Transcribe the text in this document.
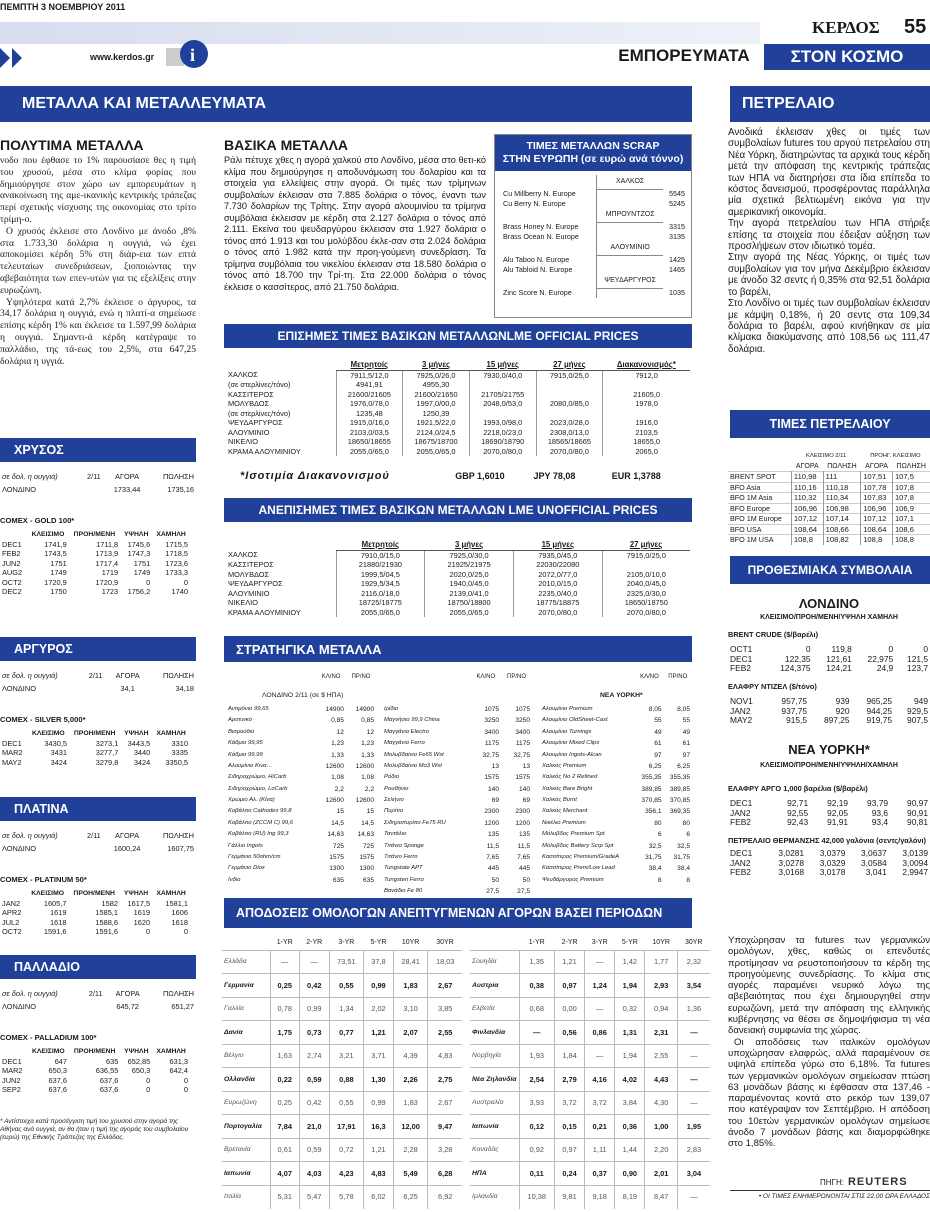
ΠΕΜΠΤΗ 3 ΝΟΕΜΒΡΙΟΥ 2011
www.kerdos.gr i
ΚΕΡΔΟΣ 55
ΕΜΠΟΡΕΥΜΑΤΑ	ΣΤΟΝ ΚΟΣΜΟ
ΜΕΤΑΛΛΑ ΚΑΙ ΜΕΤΑΛΛΕΥΜΑΤΑ
ΠΟΛΥΤΙΜΑ ΜΕΤΑΛΛΑ

νοδο που έφθασε το 1% παρουσίασε θες η τιμή του χρυσού, μέσα στο κλίμα φορίας που δημιούργησε στον χώρο ων εμπορευμάτων η ανακοίνωση της αμε-ικανικής κεντρικής τράπεζας περί σχετικής νίσχυσης της οικονομίας στο τρίτο τρίμη-ο.

Ο χρυσός έκλεισε στο Λονδίνο με άνοδο ,8% στα 1.733,30 δολάρια η ουγγιά, νώ έχει αποκομίσει κέρδη 5% στη διάρ-εια των επτά τελευταίων συνεδριάσεων, ξιοποιώντας την αβεβαιότητα των επεν-υτών για τις εξελίξεις στην ευρωζώνη.

Υψηλότερα κατά 2,7% έκλεισε ο άργυρος, τα 34,17 δολάρια η ουγγιά, ενώ η πλατί-α σημείωσε επίσης κέρδη 1% και έκλεισε τα 1.597,99 δολάρια η ουγγιά. Σημαντι-ά κέρδη κατέγραψε το παλλάδιο, της τά-εως του 2,5%, στα 647,25 δολάρια η υγγιά.

ΧΡΥΣΟΣ
σε δολ. η ουγγιά)	2/11	ΑΓΟΡΑ	ΠΩΛΗΣΗ
ΛΟΝΔΙΝΟ		1733,44	1735,16
COMEX - GOLD 100*
	ΚΛΕΙΣΙΜΟ	ΠΡΟΗ/ΜΕΝΗ	ΥΨΗΛΗ	ΧΑΜΗΛΗ
DEC1	1741,9	1711,8	1745,6	1715,5
FEB2	1743,5	1713,9	1747,3	1718,5
JUN2	1751	1717,4	1751	1723,6
AUG2	1749	1719	1749	1733,3
OCT2	1720,9	1720,9	0	0
DEC2	1750	1723	1756,2	1740
ΑΡΓΥΡΟΣ
σε δολ. η ουγγιά)	2/11	ΑΓΟΡΑ	ΠΩΛΗΣΗ
ΛΟΝΔΙΝΟ		34,1	34,18
COMEX - SILVER 5,000*
	ΚΛΕΙΣΙΜΟ	ΠΡΟΗ/ΜΕΝΗ	ΥΨΗΛΗ	ΧΑΜΗΛΗ
DEC1	3430,5	3273,1	3443,5	3310
MAR2	3431	3277,7	3440	3335
MAY2	3424	3279,8	3424	3350,5
ΠΛΑΤΙΝΑ
σε δολ. η ουγγιά)	2/11	ΑΓΟΡΑ	ΠΩΛΗΣΗ
ΛΟΝΔΙΝΟ		1600,24	1607,75
COMEX - PLATINUM 50*
	ΚΛΕΙΣΙΜΟ	ΠΡΟΗ/ΜΕΝΗ	ΥΨΗΛΗ	ΧΑΜΗΛΗ
JAN2	1605,7	1582	1617,5	1581,1
APR2	1619	1585,1	1619	1606
JUL2	1618	1588,6	1620	1618
OCT2	1591,6	1591,6	0	0
ΠΑΛΛΑΔΙΟ
σε δολ. η ουγγιά)	2/11	ΑΓΟΡΑ	ΠΩΛΗΣΗ
ΛΟΝΔΙΝΟ		645,72	651,27
COMEX - PALLADIUM 100*
	ΚΛΕΙΣΙΜΟ	ΠΡΟΗ/ΜΕΝΗ	ΥΨΗΛΗ	ΧΑΜΗΛΗ
DEC1	647	635	652,85	631,3
MAR2	650,3	636,55	650,3	642,4
JUN2	637,6	637,6	0	0
SEP2	637,6	637,6	0	0
* Αντίστοιχα κατά προσέγγιση τιμή του χρυσού στην αγορά της Αθήνας ανά ουγγιά, αν θα ήταν η τιμή της αγοράς του συμβολαίου (ευρώ) της Εθνικής Τράπεζας της Ελλάδος.
ΒΑΣΙΚΑ ΜΕΤΑΛΛΑ
Ράλι πέτυχε χθες η αγορά χαλκού στο Λονδίνο, μέσα στο θετι-κό κλίμα που δημιούργησε η αποδυνάμωση του δολαρίου και τα στοιχεία για ελλείψεις στην αγορά. Οι τιμές των τρίμηνων συμβολαίων έκλεισαν στα 7.885 δολάρια ο τόνος, έναντι των 7.730 δολαρίων της Τρίτης. Στην αγορά αλουμινίου τα τρίμηνα συμβόλαια έκλεισαν με κέρδη στα 2.127 δολάρια ο τόνος από 2.111. Εκείνα του ψευδαργύρου έκλεισαν στα 1.927 δολάρια ο τόνος από 1.913 και του μολύβδου έκλε-σαν στα 2.024 δολάρια ο τόνος από 1.982 κατά την προη-γούμενη συνεδρίαση. Τα τρίμηνα συμβόλαια του νικελίου έκλεισαν στα 18.580 δολάρια ο τόνος από 18.700 την Τρί-τη. Στα 22.000 δολάρια ο τόνος έκλεισε ο κασσίτερος, από 21.750 δολάρια.
ΤΙΜΕΣ ΜΕΤΑΛΛΩΝ SCRAP
ΣΤΗΝ ΕΥΡΩΠΗ (σε ευρώ ανά τόννο)
	ΧΑΛΚΟΣ	
Cu Millberry N. Europe		5545
Cu Berry N. Europe		5245
	ΜΠΡΟΥΝΤΖΟΣ	
Brass Honey N. Europe		3315
Brass Ocean N. Europe		3135
	ΑΛΟΥΜΙΝΙΟ	
Alu Taboo N. Europe		1425
Alu Tabloid N. Europe		1465
	ΨΕΥΔΑΡΓΥΡΟΣ	
Zinc Score N. Europe		1035
ΕΠΙΣΗΜΕΣ ΤΙΜΕΣ ΒΑΣΙΚΩΝ ΜΕΤΑΛΛΩΝLME OFFICIAL PRICES
	Μετρητοίς	3 μήνες	15 μήνες	27 μήνες	Διακανονισμός*
ΧΑΛΚΟΣ	7911,5/12,0	7925,0/26,0	7930,0/40,0	7915,0/25,0	7912,0
(σε στερλίνες/τόνο)	4941,91	4955,30			
ΚΑΣΣΙΤΕΡΟΣ	21600/21605	21600/21650	21705/21755		21605,0
ΜΟΛΥΒΔΟΣ	1976,0/78,0	1997,0/00,0	2048,0/53,0	2080,0/85,0	1978,0
(σε στερλίνες/τόνο)	1235,48	1250,39			
ΨΕΥΔΑΡΓΥΡΟΣ	1915,0/16,0	1921,5/22,0	1993,0/98,0	2023,0/28,0	1916,0
ΑΛΟΥΜΙΝΙΟ	2103,0/03,5	2124,0/24,5	2218,0/23,0	2308,0/13,0	2103,5
ΝΙΚΕΛΙΟ	18650/18655	18675/18700	18690/18790	18565/18665	18655,0
ΚΡΑΜΑ ΑΛΟΥΜΙΝΙΟΥ	2055,0/65,0	2055,0/65,0	2070,0/80,0	2070,0/80,0	2065,0
*Ισοτιμία Διακανονισμού	GBP 1,6010	JPY 78,08	EUR 1,3788
ΑΝΕΠΙΣΗΜΕΣ ΤΙΜΕΣ ΒΑΣΙΚΩΝ ΜΕΤΑΛΛΩΝ LME UNOFFICIAL PRICES
	Μετρητοίς	3 μήνες	15 μήνες	27 μήνες
ΧΑΛΚΟΣ	7910,0/15,0	7925,0/30,0	7935,0/45,0	7915,0/25,0
ΚΑΣΣΙΤΕΡΟΣ	21880/21930	21925/21975	22030/22080	
ΜΟΛΥΒΔΟΣ	1999,5/04,5	2020,0/25,0	2072,0/77,0	2105,0/10,0
ΨΕΥΔΑΡΓΥΡΟΣ	1929,5/34,5	1940,0/45,0	2010,0/15,0	2040,0/45,0
ΑΛΟΥΜΙΝΙΟ	2116,0/18,0	2139,0/41,0	2235,0/40,0	2325,0/30,0
ΝΙΚΕΛΙΟ	18725/18775	18750/18800	18775/18875	18650/18750
ΚΡΑΜΑ ΑΛΟΥΜΙΝΙΟΥ	2055,0/65,0	2055,0/65,0	2070,0/80,0	2070,0/80,0
ΣΤΡΑΤΗΓΙΚΑ ΜΕΤΑΛΛΑ
ΛΟΝΔΙΝΟ 2/11 (σε $ ΗΠΑ)	ΝΕΑ ΥΟΡΚΗ*
	ΚΛ/ΝΟ	ΠΡ/ΝΟ

Αντιμόνιο 99,65	14900	14900
Αρσενικό	0,85	0,85
Βισμούθιο	12	12
Κάδμιο 99,95	1,23	1,23
Κάδμιο 99,99	1,33	1,33
Αλουμίνιο Κινα…	12600	12600
Σιδηροχρώμιο, HiCarb	1,08	1,08
Σιδηροχρώμιο, LoCarb	2,2	2,2
Χρώμιο Αλ. (Κίνα)	12600	12600
Κοβάλτιο Cathodes 99,8	15	15
Κοβάλτιο (ZCCM C) 99,6	14,5	14,5
Κοβάλτιο (RU) Ing 99,3	14,63	14,63
Γάλλιο Ingots	725	725
Γερμάνιο 50ohm/cm	1575	1575
Γερμάνιο Diox	1300	1300
Ινδιο	635	635
	ΚΛ/ΝΟ	ΠΡ/ΝΟ

Ιρίδιο	1075	1075
Μαγνήσιο 99,9 China	3250	3250
Μαγγάνιο Electro	3400	3400
Μαγγάνιο Ferro	1175	1175
Μολυβδαίνιο Fe65 Wst	32,75	32,75
Μολυβδαίνιο Mo3 Wst	13	13
Ρόδιο	1575	1575
Ρουθήνιο	140	140
Σελήνιο	69	69
Πυρίτιο	2300	2300
Σιδηροπυρίτιο Fe75 RU	1200	1200
Ταντάλιο	135	135
Τιτάνιο Sponge	11,5	11,5
Τιτάνιο Ferro	7,65	7,65
Tungstate APT	445	445
Tungsten Ferro	50	50
Βανάδιο Fe 80	27,5	27,5
	ΚΛ/ΝΟ	ΠΡ/ΝΟ

Αλουμίνιο Premium	8,05	8,05
Αλουμίνιο OldSheet-Cast	55	55
Αλουμίνιο Turnings	49	49
Αλουμίνιο Mixed Clips	61	61
Αλουμίνιο Ingots-Alcan	97	97
Χαλκός Premium	6,25	6,25
Χαλκός No 2 Refined	355,35	355,35
Χαλκός Bare Bright	389,85	389,85
Χαλκός Burnt	370,85	370,85
Χαλκός Merchant	356,1	369,35
Νικέλιο Premium	80	80
Μόλυβδος Premium Spt	6	6
Μόλυβδος Battery Scrp Spt	32,5	32,5
Κασσίτερος Premium/GradeA	31,75	31,75
Κασσίτερος Prem/Low Lead	38,4	38,4
Ψευδάργυρος Premium	8	8
ΑΠΟΔΟΣΕΙΣ ΟΜΟΛΟΓΩΝ ΑΝΕΠΤΥΓΜΕΝΩΝ ΑΓΟΡΩΝ ΒΑΣΕΙ ΠΕΡΙΟΔΩΝ
	1-YR	2-YR	3-YR	5-YR	10YR	30YR
Ελλάδα	—	—	73,51	37,8	28,41	18,03
Γερμανία	0,25	0,42	0,55	0,99	1,83	2,67
Γαλλία	0,78	0,99	1,34	2,02	3,10	3,85
Δανία	1,75	0,73	0,77	1,21	2,07	2,55
Βέλγιο	1,63	2,74	3,21	3,71	4,39	4,83
Ολλανδία	0,22	0,59	0,88	1,30	2,26	2,75
Ευρωζώνη	0,25	0,42	0,55	0,99	1,83	2,67
Πορτογαλία	7,84	21,0	17,91	16,3	12,00	9,47
Βρετανία	0,61	0,59	0,72	1,21	2,28	3,28
Ιαπωνία	4,07	4,03	4,23	4,83	5,49	6,28
Ιταλία	5,31	5,47	5,78	6,02	6,25	6,92
	1-YR	2-YR	3-YR	5-YR	10YR	30YR
Σουηδία	1,35	1,21	—	1,42	1,77	2,32
Αυστρία	0,38	0,97	1,24	1,94	2,93	3,54
Ελβετία	0,68	0,00	—	0,32	0,94	1,36
Φινλανδία	—	0,56	0,86	1,31	2,31	—
Νορβηγία	1,93	1,84	—	1,94	2,55	—
Νέα Ζηλανδία	2,54	2,79	4,16	4,02	4,43	—
Αυστραλία	3,93	3,72	3,72	3,84	4,30	—
Ιαπωνία	0,12	0,15	0,21	0,36	1,00	1,95
Καναδάς	0,92	0,97	1,11	1,44	2,20	2,83
ΗΠΑ	0,11	0,24	0,37	0,90	2,01	3,04
Ιρλανδία	10,38	9,81	9,18	8,19	8,47	—
ΠΕΤΡΕΛΑΙΟ

Ανοδικά έκλεισαν χθες οι τιμές των συμβολαίων futures του αργού πετρελαίου στη Νέα Υόρκη, διατηρώντας τα αρχικά τους κέρδη μετά την απόφαση της κεντρικής τράπεζας των ΗΠΑ να διατηρήσει στα ίδια επίπεδα το κόστος δανεισμού, προσφέροντας παράλληλα μία σχετικά βελτιωμένη εικόνα για την αμερικανική οικονομία.

Την αγορά πετρελαίου των ΗΠΑ στήριξε επίσης τα στοιχεία που έδειξαν αύξηση των προσλήψεων στον ιδιωτικό τομέα.

Στην αγορά της Νέας Υόρκης, οι τιμές των συμβολαίων για τον μήνα Δεκέμβριο έκλεισαν με άνοδο 32 σεντς ή 0,35% στα 92,51 δολάρια το βαρέλι,

Στο Λονδίνο οι τιμές των συμβολαίων έκλεισαν με κάμψη 0,18%, ή 20 σεντς στα 109,34 δολάρια το βαρέλι, αφού κινήθηκαν σε μία κλίμακα διακύμανσης από 108,56 ως 111,47 δολάρια.

ΤΙΜΕΣ ΠΕΤΡΕΛΑΙΟΥ
	ΚΛΕΙΣΙΜΟ 2/11		ΠΡΟΗΓ. ΚΛΕΙΣΙΜΟ	
	ΑΓΟΡΑ	ΠΩΛΗΣΗ	ΑΓΟΡΑ	ΠΩΛΗΣΗ
BRENT SPOT	110,98	111	107,51	107,5
BFO Asia	110,16	110,18	107,78	107,8
BFO 1M Asia	110,32	110,34	107,83	107,8
BFO Europe	106,96	106,98	106,96	106,9
BFO 1M Europe	107,12	107,14	107,12	107,1
BFO USA	108,64	108,66	108,64	108,6
BFO 1M USA	108,8	108,82	108,8	108,8
ΠΡΟΘΕΣΜΙΑΚΑ ΣΥΜΒΟΛΑΙΑ
ΛΟΝΔΙΝΟ
ΚΛΕΙΣΙΜΟ/ΠΡΟΗ/ΜΕΝΗ/ΥΨΗΛΗ ΧΑΜΗΛΗ
BRENT CRUDE ($/βαρέλι)
OCT1	0	119,8	0	0
DEC1	122,35	121,61	22,975	121,5
FEB2	124,375	124,21	24,9	123,7
ΕΛΑΦΡΥ ΝΤΙΖΕΛ ($/τόνο)
NOV1	957,75	939	965,25	949
JAN2	937,75	920	944,25	929,5
MAY2	915,5	897,25	919,75	907,5
ΝΕΑ ΥΟΡΚΗ*
ΚΛΕΙΣΙΜΟ/ΠΡΟΗ/ΜΕΝΗ/ΥΨΗΛΗ/ΧΑΜΗΛΗ
ΕΛΑΦΡΥ ΑΡΓΟ 1,000 βαρέλια ($/βαρέλι)
DEC1	92,71	92,19	93,79	90,97
JAN2	92,55	92,05	93,6	90,91
FEB2	92,43	91,91	93,4	90,81
ΠΕΤΡΕΛΑΙΟ ΘΕΡΜΑΝΣΗΣ 42,000 γαλόνια (σεντς/γαλόνι)
DEC1	3,0281	3,0379	3,0637	3,0139
JAN2	3,0278	3,0329	3,0584	3,0094
FEB2	3,0168	3,0178	3,041	2,9947

Υποχώρησαν τα futures των γερμανικών ομολόγων, χθες, καθώς οι επενδυτές προτίμησαν να ρευστοποιήσουν τα κέρδη της προηγούμενης συνεδρίασης. Το κλίμα στις αγορές παραμένει νευρικό λόγω της αβεβαιότητας που έχει δημιουργηθεί στην ευρωζώνη, μετά την απόφαση της ελληνικής κυβέρνησης να θέσει σε δημοψήφισμα τη νέα δανειακή συμφωνία της χώρας.

Οι αποδόσεις των ιταλικών ομολόγων υποχώρησαν ελαφρώς, αλλά παραμένουν σε υψηλά επίπεδα γύρω στο 6,18%. Τα futures των γερμανικών ομολόγων σημείωσαν πτώση 63 μονάδων βάσης κι έφθασαν στα 137,46 - παραμένοντας κοντά στο ρεκόρ των 139,07 που κατέγραψαν τον Σεπτέμβριο. Η απόδοση του 10ετών γερμανικών ομολόγων σημείωσε άνοδο 7 μονάδων βάσης και διαμορφώθηκε στο 1,85%.

ΠΗΓΗ: REUTERS
• ΟΙ ΤΙΜΕΣ ΕΝΗΜΕΡΩΝΟΝΤΑΙ ΣΤΙΣ 22.00 ΩΡΑ ΕΛΛΑΔΟΣ
